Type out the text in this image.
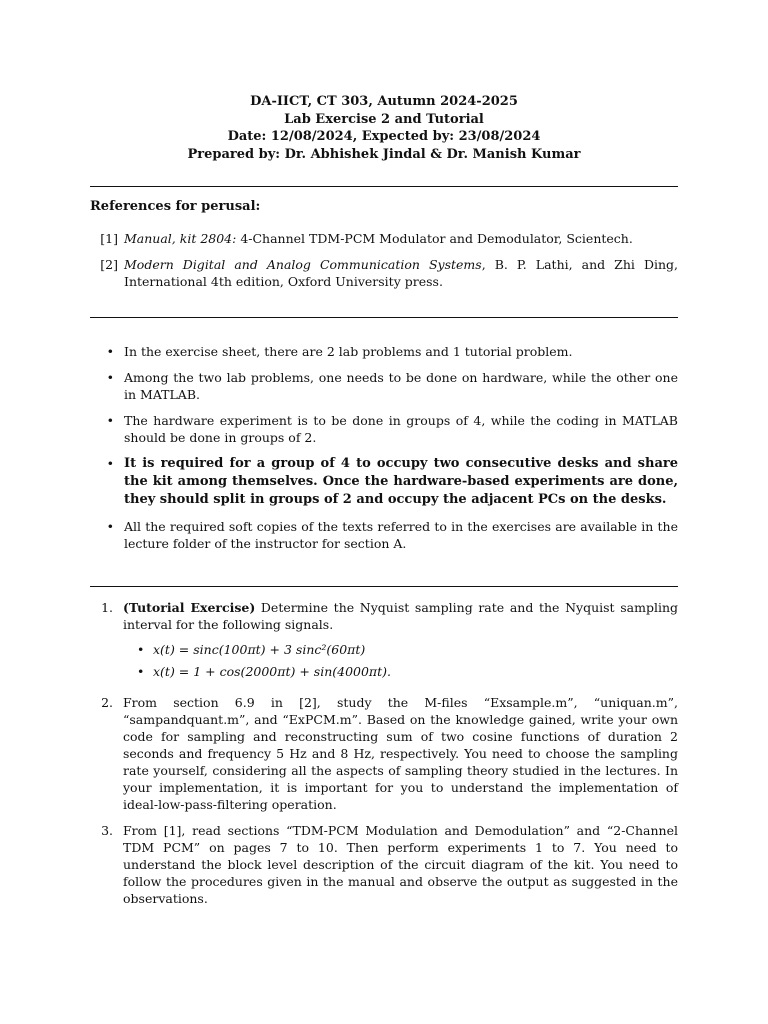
DA-IICT, CT 303, Autumn 2024-2025
Lab Exercise 2 and Tutorial
Date: 12/08/2024, Expected by: 23/08/2024
Prepared by: Dr. Abhishek Jindal & Dr. Manish Kumar
References for perusal:
[1] Manual, kit 2804: 4-Channel TDM-PCM Modulator and Demodulator, Scientech.
[2] Modern Digital and Analog Communication Systems, B. P. Lathi, and Zhi Ding, International 4th edition, Oxford University press.
• In the exercise sheet, there are 2 lab problems and 1 tutorial problem.
• Among the two lab problems, one needs to be done on hardware, while the other one in MATLAB.
• The hardware experiment is to be done in groups of 4, while the coding in MATLAB should be done in groups of 2.
• It is required for a group of 4 to occupy two consecutive desks and share the kit among themselves. Once the hardware-based experiments are done, they should split in groups of 2 and occupy the adjacent PCs on the desks.
• All the required soft copies of the texts referred to in the exercises are available in the lecture folder of the instructor for section A.
1. (Tutorial Exercise) Determine the Nyquist sampling rate and the Nyquist sampling interval for the following signals.
• x(t) = sinc(100πt) + 3 sinc²(60πt)
• x(t) = 1 + cos(2000πt) + sin(4000πt).
2. From section 6.9 in [2], study the M-files “Exsample.m”, “uniquan.m”, “sampandquant.m”, and “ExPCM.m”. Based on the knowledge gained, write your own code for sampling and reconstructing sum of two cosine functions of duration 2 seconds and frequency 5 Hz and 8 Hz, respectively. You need to choose the sampling rate yourself, considering all the aspects of sampling theory studied in the lectures. In your implementation, it is important for you to understand the implementation of ideal-low-pass-filtering operation.
3. From [1], read sections “TDM-PCM Modulation and Demodulation” and “2-Channel TDM PCM” on pages 7 to 10. Then perform experiments 1 to 7. You need to understand the block level description of the circuit diagram of the kit. You need to follow the procedures given in the manual and observe the output as suggested in the observations.
